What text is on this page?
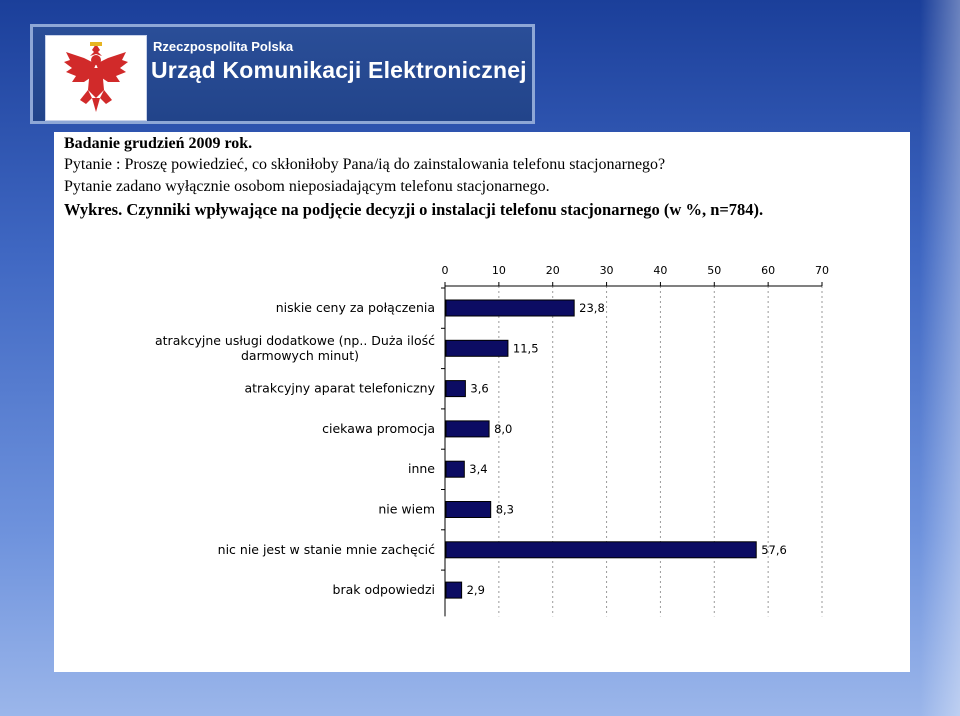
Rzeczpospolita Polska
Urząd Komunikacji Elektronicznej
Badanie grudzień 2009 rok.
Pytanie : Proszę powiedzieć, co skłoniłoby Pana/ią do zainstalowania telefonu stacjonarnego?
Pytanie zadano wyłącznie osobom nieposiadającym telefonu stacjonarnego.
Wykres. Czynniki wpływające na podjęcie decyzji o instalacji telefonu stacjonarnego (w %, n=784).
0	10	20	30	40	50	60	70
niskie ceny za połączenia	23,8
atrakcyjne usługi dodatkowe (np.. Duża ilość darmowych minut)	11,5
atrakcyjny aparat telefoniczny	3,6
ciekawa promocja	8,0
inne	3,4
nie wiem	8,3
nic nie jest w stanie mnie zachęcić	57,6
brak odpowiedzi	2,9
